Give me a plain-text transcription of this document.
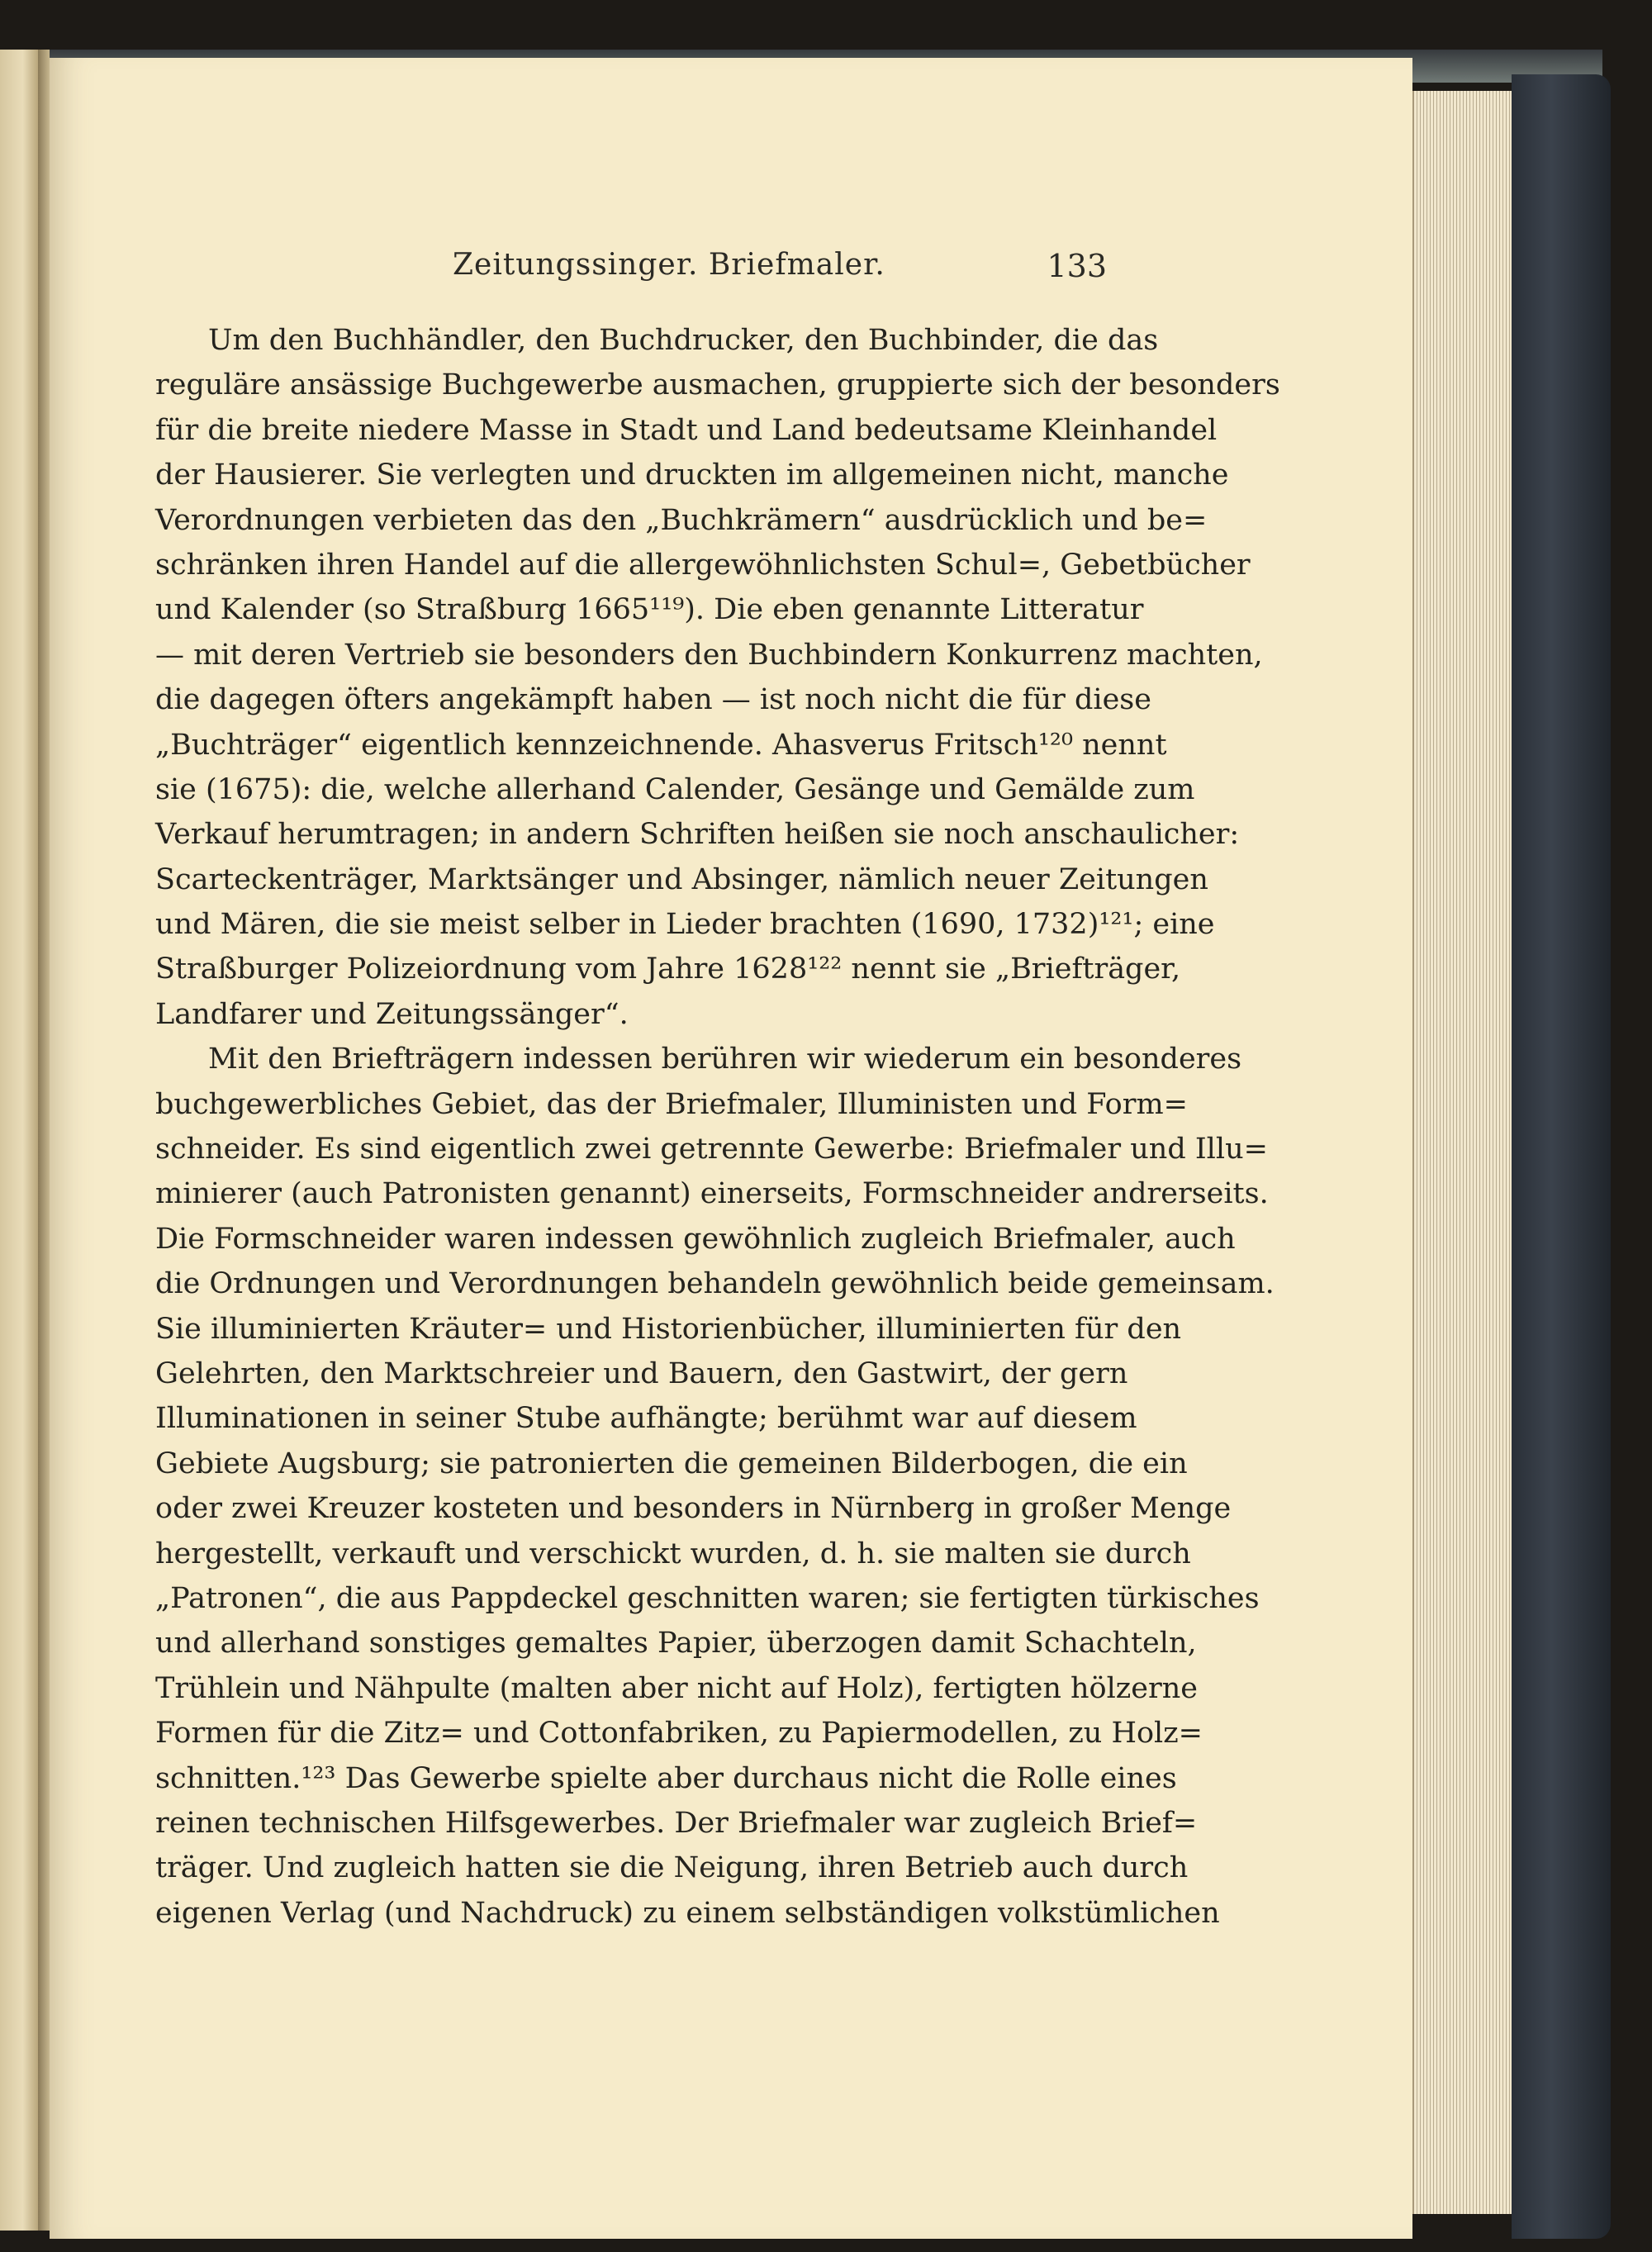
Zeitungssinger. Briefmaler.	133
Um den Buchhändler, den Buchdrucker, den Buchbinder, die das
reguläre ansässige Buchgewerbe ausmachen, gruppierte sich der besonders
für die breite niedere Masse in Stadt und Land bedeutsame Kleinhandel
der Hausierer. Sie verlegten und druckten im allgemeinen nicht, manche
Verordnungen verbieten das den „Buchkrämern“ ausdrücklich und be=
schränken ihren Handel auf die allergewöhnlichsten Schul=, Gebetbücher
und Kalender (so Straßburg 1665¹¹⁹). Die eben genannte Litteratur
— mit deren Vertrieb sie besonders den Buchbindern Konkurrenz machten,
die dagegen öfters angekämpft haben — ist noch nicht die für diese
„Buchträger“ eigentlich kennzeichnende. Ahasverus Fritsch¹²⁰ nennt
sie (1675): die, welche allerhand Calender, Gesänge und Gemälde zum
Verkauf herumtragen; in andern Schriften heißen sie noch anschaulicher:
Scarteckenträger, Marktsänger und Absinger, nämlich neuer Zeitungen
und Mären, die sie meist selber in Lieder brachten (1690, 1732)¹²¹; eine
Straßburger Polizeiordnung vom Jahre 1628¹²² nennt sie „Briefträger,
Landfarer und Zeitungssänger“.
Mit den Briefträgern indessen berühren wir wiederum ein besonderes
buchgewerbliches Gebiet, das der Briefmaler, Illuministen und Form=
schneider. Es sind eigentlich zwei getrennte Gewerbe: Briefmaler und Illu=
minierer (auch Patronisten genannt) einerseits, Formschneider andrerseits.
Die Formschneider waren indessen gewöhnlich zugleich Briefmaler, auch
die Ordnungen und Verordnungen behandeln gewöhnlich beide gemeinsam.
Sie illuminierten Kräuter= und Historienbücher, illuminierten für den
Gelehrten, den Marktschreier und Bauern, den Gastwirt, der gern
Illuminationen in seiner Stube aufhängte; berühmt war auf diesem
Gebiete Augsburg; sie patronierten die gemeinen Bilderbogen, die ein
oder zwei Kreuzer kosteten und besonders in Nürnberg in großer Menge
hergestellt, verkauft und verschickt wurden, d. h. sie malten sie durch
„Patronen“, die aus Pappdeckel geschnitten waren; sie fertigten türkisches
und allerhand sonstiges gemaltes Papier, überzogen damit Schachteln,
Trühlein und Nähpulte (malten aber nicht auf Holz), fertigten hölzerne
Formen für die Zitz= und Cottonfabriken, zu Papiermodellen, zu Holz=
schnitten.¹²³ Das Gewerbe spielte aber durchaus nicht die Rolle eines
reinen technischen Hilfsgewerbes. Der Briefmaler war zugleich Brief=
träger. Und zugleich hatten sie die Neigung, ihren Betrieb auch durch
eigenen Verlag (und Nachdruck) zu einem selbständigen volkstümlichen
